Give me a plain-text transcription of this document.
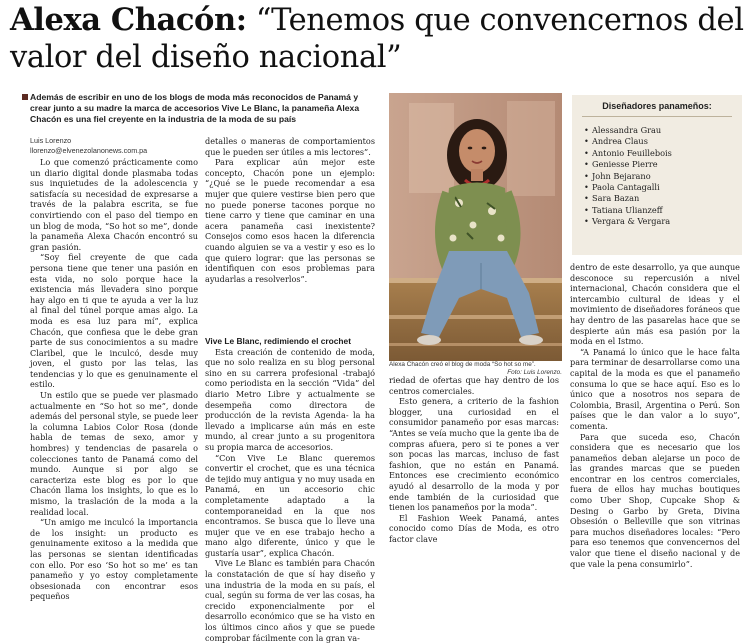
Alexa Chacón: “Tenemos que convencernos del valor del diseño nacional”
Además de escribir en uno de los blogs de moda más reconocidos de Panamá y crear junto a su madre la marca de accesorios Vive Le Blanc, la panameña Alexa Chacón es una fiel creyente en la industria de la moda de su país
Luis Lorenzo
llorenzo@elvenezolanonews.com.pa

Lo que comenzó prácticamente como un diario digital donde plasmaba todas sus inquietudes de la adolescencia y satisfacía su necesidad de expresarse a través de la palabra escrita, se fue convirtiendo con el paso del tiempo en un blog de moda, “So hot so me”, donde la panameña Alexa Chacón encontró su gran pasión.

“Soy fiel creyente de que cada persona tiene que tener una pasión en esta vida, no solo porque hace la existencia más llevadera sino porque hay algo en ti que te ayuda a ver la luz al final del túnel porque amas algo. La moda es esa luz para mí”, explica Chacón, que confiesa que le debe gran parte de sus conocimientos a su madre Claribel, que le inculcó, desde muy joven, el gusto por las telas, las tendencias y lo que es genuinamente el estilo.

Un estilo que se puede ver plasmado actualmente en “So hot so me”, donde además del personal style, se puede leer la columna Labios Color Rosa (donde habla de temas de sexo, amor y hombres) y tendencias de pasarela o colecciones tanto de Panamá como del mundo. Aunque si por algo se caracteriza este blog es por lo que Chacón llama los insights, lo que es lo mismo, la traslación de la moda a la realidad local.

“Un amigo me inculcó la importancia de los insight: un producto es genuinamente exitoso a la medida que las personas se sientan identificadas con ello. Por eso ‘So hot so me’ es tan panameño y yo estoy completamente obsesionada con encontrar esos pequeños

detalles o maneras de comportamientos que le pueden ser útiles a mis lectores”.

Para explicar aún mejor este concepto, Chacón pone un ejemplo: “¿Qué se le puede recomendar a esa mujer que quiere vestirse bien pero que no puede ponerse tacones porque no tiene carro y tiene que caminar en una acera panameña casi inexistente? Consejos como esos hacen la diferencia cuando alguien se va a vestir y eso es lo que quiero lograr: que las personas se identifiquen con esos problemas para ayudarlas a resolverlos”.

Vive Le Blanc, redimiendo el crochet

Esta creación de contenido de moda, que no solo realiza en su blog personal sino en su carrera profesional -trabajó como periodista en la sección “Vida” del diario Metro Libre y actualmente se desempeña como directora de producción de la revista Agenda- la ha llevado a implicarse aún más en este mundo, al crear junto a su progenitora su propia marca de accesorios.

“Con Vive Le Blanc queremos convertir el crochet, que es una técnica de tejido muy antigua y no muy usada en Panamá, en un accesorio chic completamente adaptado a la contemporaneidad en la que nos encontramos. Se busca que lo lleve una mujer que ve en ese trabajo hecho a mano algo diferente, único y que le gustaría usar”, explica Chacón.

Vive Le Blanc es también para Chacón la constatación de que sí hay diseño y una industria de la moda en su país, el cual, según su forma de ver las cosas, ha crecido exponencialmente por el desarrollo económico que se ha visto en los últimos cinco años y que se puede comprobar fácilmente con la gran va-

Alexa Chacón creó el blog de moda “So hot so me”.
Foto: Luis Lorenzo.

riedad de ofertas que hay dentro de los centros comerciales.

Esto genera, a criterio de la fashion blogger, una curiosidad en el consumidor panameño por esas marcas: “Antes se veía mucho que la gente iba de compras afuera, pero si te pones a ver son pocas las marcas, incluso de fast fashion, que no están en Panamá. Entonces ese crecimiento económico ayudó al desarrollo de la moda y por ende también de la curiosidad que tienen los panameños por la moda”.

El Fashion Week Panamá, antes conocido como Días de Moda, es otro factor clave

Diseñadores panameños:
• Alessandra Grau
• Andrea Claus
• Antonio Feuillebois
• Geniesse Pierre
• John Bejarano
• Paola Cantagalli
• Sara Bazan
• Tatiana Ulianzeff
• Vergara & Vergara

dentro de este desarrollo, ya que aunque desconoce su repercusión a nivel internacional, Chacón considera que el intercambio cultural de ideas y el movimiento de diseñadores foráneos que hay dentro de las pasarelas hace que se despierte aún más esa pasión por la moda en el Istmo.

“A Panamá lo único que le hace falta para terminar de desarrollarse como una capital de la moda es que el panameño consuma lo que se hace aquí. Eso es lo único que a nosotros nos separa de Colombia, Brasil, Argentina o Perú. Son países que le dan valor a lo suyo”, comenta.

Para que suceda eso, Chacón considera que es necesario que los panameños deban alejarse un poco de las grandes marcas que se pueden encontrar en los centros comerciales, fuera de ellos hay muchas boutiques como Uber Shop, Cupcake Shop & Desing o Garbo by Greta, Divina Obsesión o Belleville que son vitrinas para muchos diseñadores locales: “Pero para eso tenemos que convencernos del valor que tiene el diseño nacional y de que vale la pena consumirlo”.
